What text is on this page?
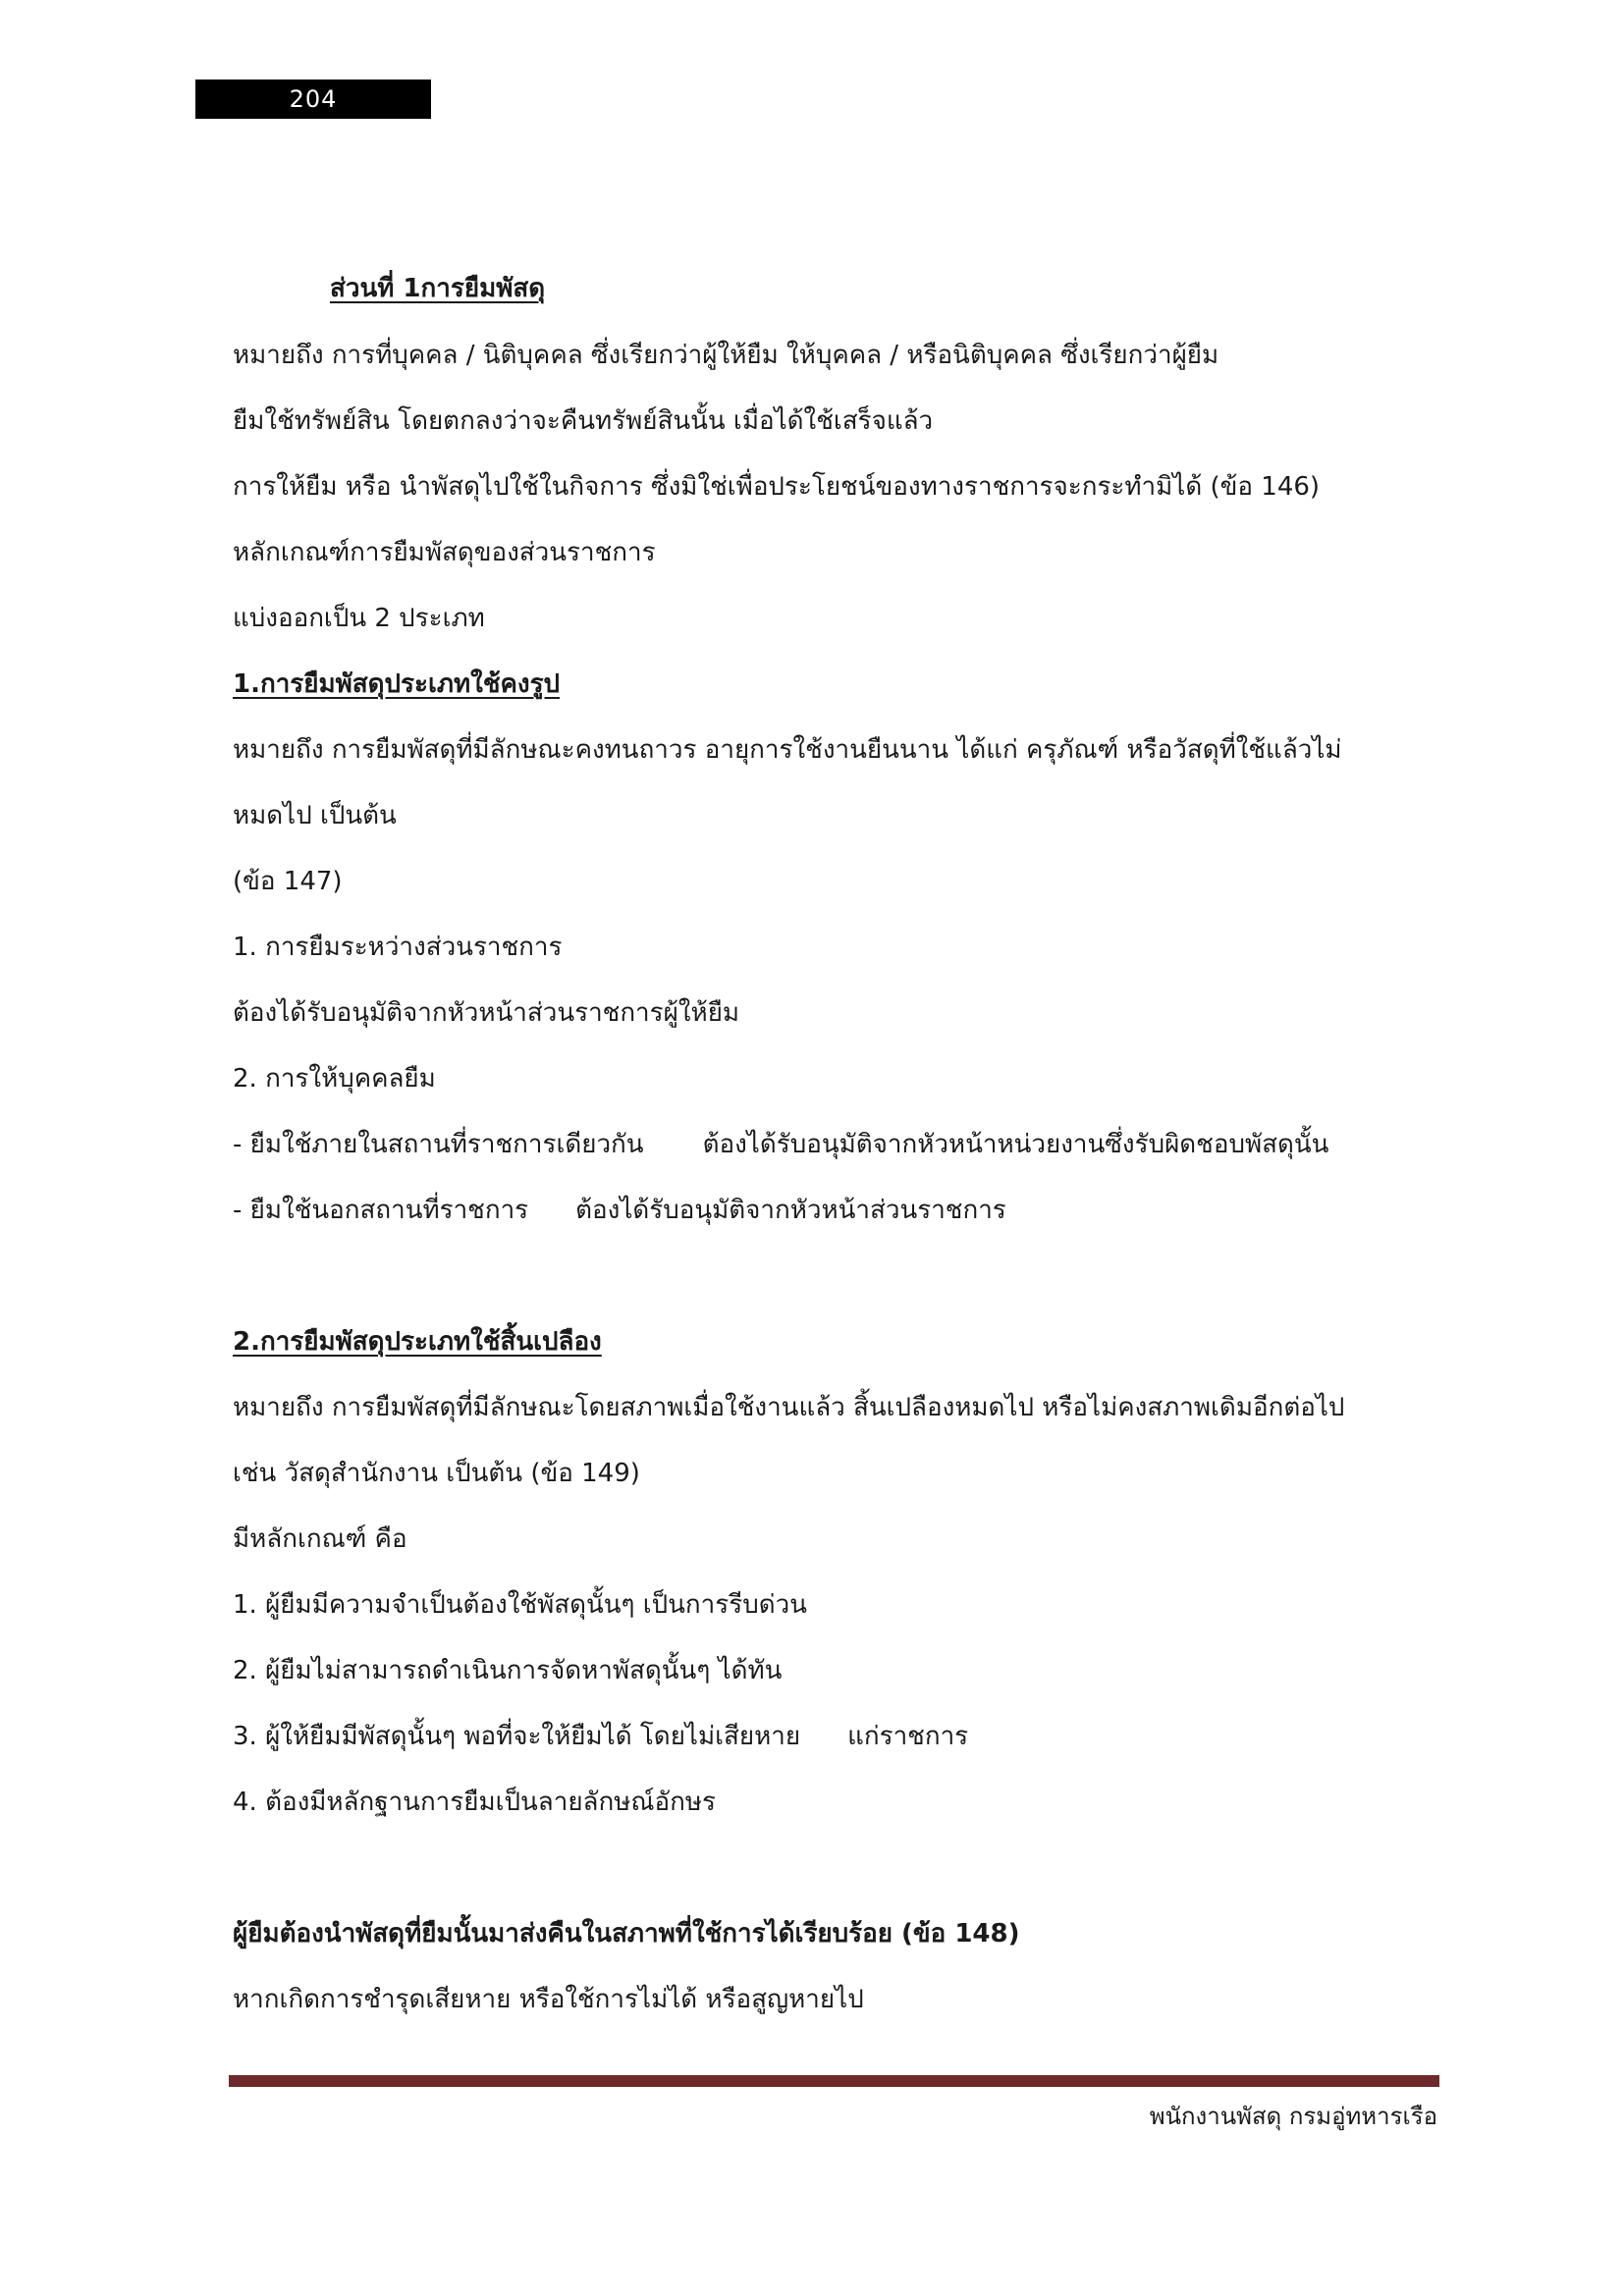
204
ส่วนที่ 1การยืมพัสดุ
หมายถึง การที่บุคคล / นิติบุคคล ซึ่งเรียกว่าผู้ให้ยืม ให้บุคคล / หรือนิติบุคคล ซึ่งเรียกว่าผู้ยืม
ยืมใช้ทรัพย์สิน โดยตกลงว่าจะคืนทรัพย์สินนั้น เมื่อได้ใช้เสร็จแล้ว
การให้ยืม หรือ นำพัสดุไปใช้ในกิจการ ซึ่งมิใช่เพื่อประโยชน์ของทางราชการจะกระทำมิได้ (ข้อ 146)
หลักเกณฑ์การยืมพัสดุของส่วนราชการ
แบ่งออกเป็น 2 ประเภท
1.การยืมพัสดุประเภทใช้คงรูป
หมายถึง การยืมพัสดุที่มีลักษณะคงทนถาวร อายุการใช้งานยืนนาน ได้แก่ ครุภัณฑ์ หรือวัสดุที่ใช้แล้วไม่
หมดไป เป็นต้น
(ข้อ 147)
1. การยืมระหว่างส่วนราชการ
ต้องได้รับอนุมัติจากหัวหน้าส่วนราชการผู้ให้ยืม
2. การให้บุคคลยืม
- ยืมใช้ภายในสถานที่ราชการเดียวกัน ต้องได้รับอนุมัติจากหัวหน้าหน่วยงานซึ่งรับผิดชอบพัสดุนั้น
- ยืมใช้นอกสถานที่ราชการ ต้องได้รับอนุมัติจากหัวหน้าส่วนราชการ
2.การยืมพัสดุประเภทใช้สิ้นเปลือง
หมายถึง การยืมพัสดุที่มีลักษณะโดยสภาพเมื่อใช้งานแล้ว สิ้นเปลืองหมดไป หรือไม่คงสภาพเดิมอีกต่อไป
เช่น วัสดุสำนักงาน เป็นต้น (ข้อ 149)
มีหลักเกณฑ์ คือ
1. ผู้ยืมมีความจำเป็นต้องใช้พัสดุนั้นๆ เป็นการรีบด่วน
2. ผู้ยืมไม่สามารถดำเนินการจัดหาพัสดุนั้นๆ ได้ทัน
3. ผู้ให้ยืมมีพัสดุนั้นๆ พอที่จะให้ยืมได้ โดยไม่เสียหาย แก่ราชการ
4. ต้องมีหลักฐานการยืมเป็นลายลักษณ์อักษร
ผู้ยืมต้องนำพัสดุที่ยืมนั้นมาส่งคืนในสภาพที่ใช้การได้เรียบร้อย (ข้อ 148)
หากเกิดการชำรุดเสียหาย หรือใช้การไม่ได้ หรือสูญหายไป
พนักงานพัสดุ กรมอู่ทหารเรือ
